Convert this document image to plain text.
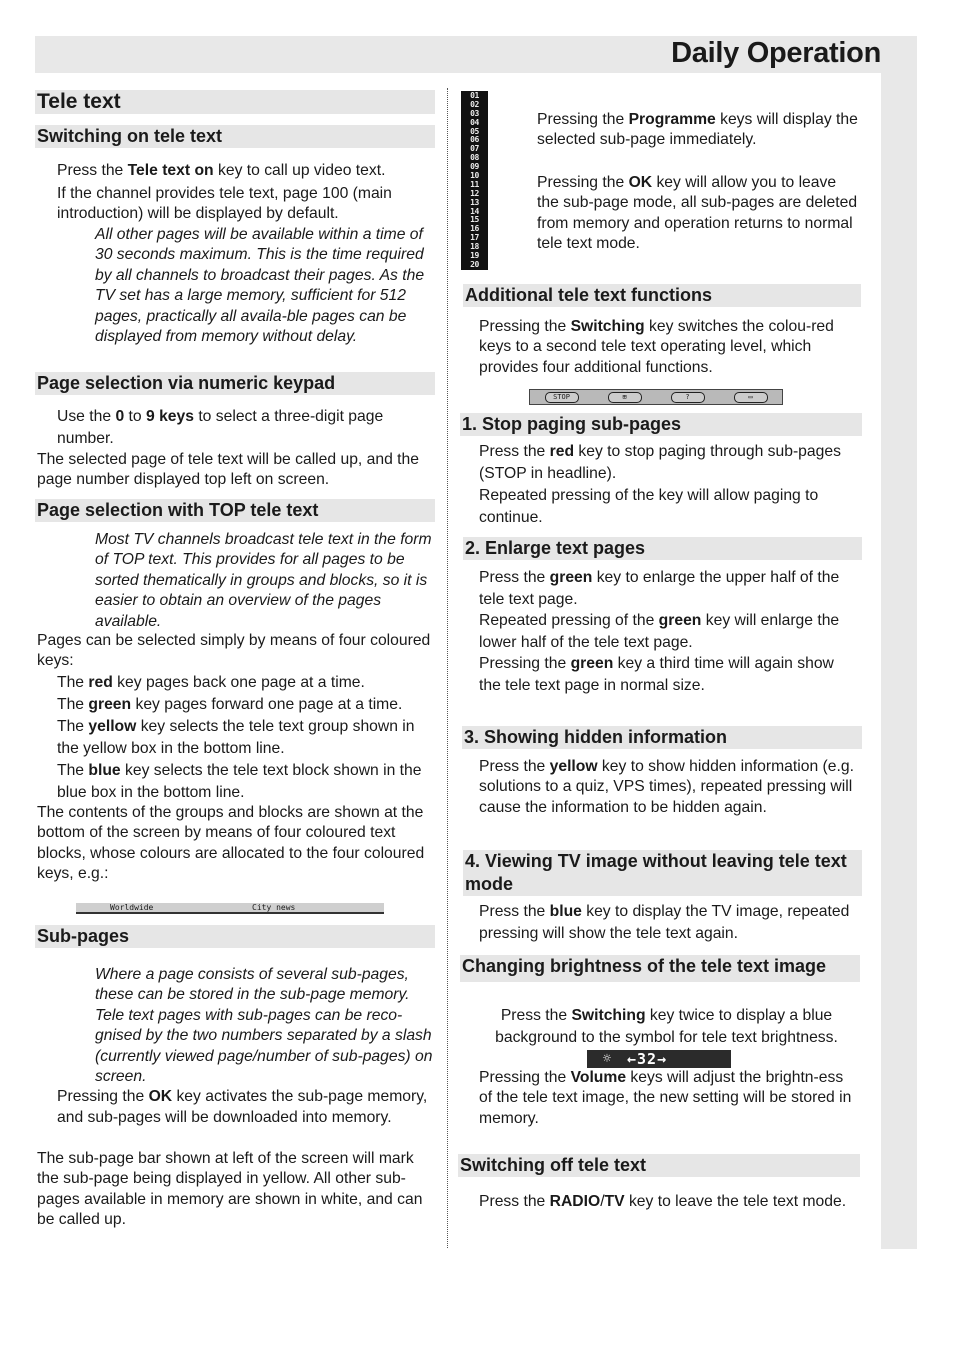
Daily Operation
Tele text
Switching on tele text

Press the Tele text on key to call up video text.

If the channel provides tele text, page 100 (main introduction) will be displayed by default.

All other pages will be available within a time of 30 seconds maximum. This is the time required by all channels to broadcast their pages. As the TV set has a large memory, sufficient for 512 pages, practically all availa-ble pages can be displayed from memory without delay.

Page selection via numeric keypad

Use the 0 to 9 keys to select a three-digit page number.

The selected page of tele text will be called up, and the page number displayed top left on screen.

Page selection with TOP tele text

Most TV channels broadcast tele text in the form of TOP text. This provides for all pages to be sorted thematically in groups and blocks, so it is easier to obtain an overview of the pages available.

Pages can be selected simply by means of four coloured keys:

The red key pages back one page at a time.
The green key pages forward one page at a time.
The yellow key selects the tele text group shown in the yellow box in the bottom line.
The blue key selects the tele text block shown in the blue box in the bottom line.

The contents of the groups and blocks are shown at the bottom of the screen by means of four coloured text blocks, whose colours are allocated to the four coloured keys, e.g.:

Worldwide	City news
Sub-pages

Where a page consists of several sub-pages, these can be stored in the sub-page memory. Tele text pages with sub-pages can be reco-gnised by the two numbers separated by a slash (currently viewed page/number of sub-pages) on screen.

Pressing the OK key activates the sub-page memory, and sub-pages will be downloaded into memory.

The sub-page bar shown at left of the screen will mark the sub-page being displayed in yellow. All other sub-pages available in memory are shown in white, and can be called up.

01
02
03
04
05
06
07
08
09
10
11
12
13
14
15
16
17
18
19
20

Pressing the Programme keys will display the selected sub-page immediately.

Pressing the OK key will allow you to leave the sub-page mode, all sub-pages are deleted from memory and operation returns to normal tele text mode.

Additional tele text functions

Pressing the Switching key switches the colou-red keys to a second tele text operating level, which provides four additional functions.

STOP	⊞	?	▭
1. Stop paging sub-pages

Press the red key to stop paging through sub-pages (STOP in headline).
Repeated pressing of the key will allow paging to continue.

2. Enlarge text pages

Press the green key to enlarge the upper half of the tele text page.
Repeated pressing of the green key will enlarge the lower half of the tele text page.
Pressing the green key a third time will again show the tele text page in normal size.

3. Showing hidden information

Press the yellow key to show hidden information (e.g. solutions to a quiz, VPS times), repeated pressing will cause the information to be hidden again.

4. Viewing TV image without leaving tele text mode

Press the blue key to display the TV image, repeated pressing will show the tele text again.

Changing brightness of the tele text image

Press the Switching key twice to display a blue background to the symbol for tele text brightness.

☼	←32→

Pressing the Volume keys will adjust the brightn-ess of the tele text image, the new setting will be stored in memory.

Switching off tele text

Press the RADIO/TV key to leave the tele text mode.
